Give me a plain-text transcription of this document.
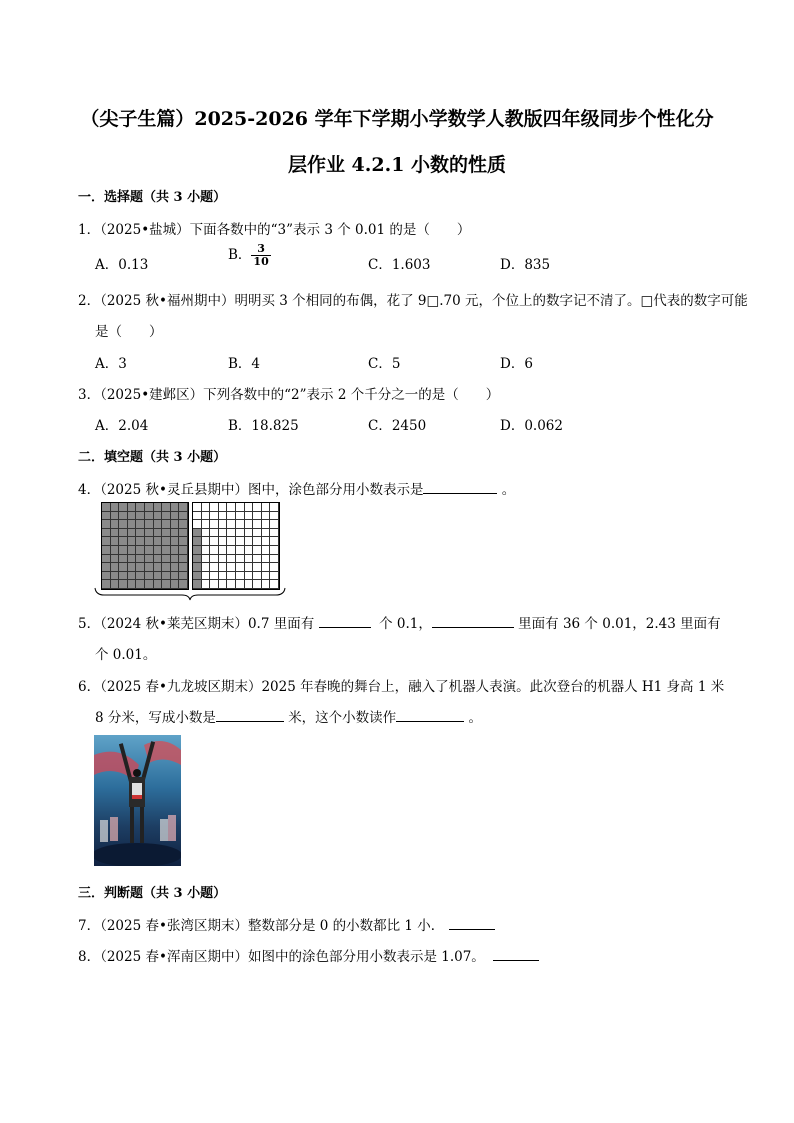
（尖子生篇）2025-2026 学年下学期小学数学人教版四年级同步个性化分
层作业 4.2.1 小数的性质
一．选择题（共 3 小题）
1．（2025•盐城）下面各数中的“3”表示 3 个 0.01 的是（　　）
A．0.13
B． $\frac{3}{10}$	C．1.603	D．835
2．（2025 秋•福州期中）明明买 3 个相同的布偶，花了 9□.70 元，个位上的数字记不清了。□代表的数字可能
是（　　）
A．3	B．4	C．5	D．6
3．（2025•建邺区）下列各数中的“2”表示 2 个千分之一的是（　　）
A．2.04	B．18.825	C．2450	D．0.062
二．填空题（共 3 小题）
4．（2025 秋•灵丘县期中）图中，涂色部分用小数表示是	。
5．（2024 秋•莱芜区期末）0.7 里面有	个 0.1，	里面有 36 个 0.01，2.43 里面有
个 0.01。
6．（2025 春•九龙坡区期末）2025 年春晚的舞台上，融入了机器人表演。此次登台的机器人 H1 身高 1 米
8 分米，写成小数是	米，这个小数读作	。
三．判断题（共 3 小题）
7．（2025 春•张湾区期末）整数部分是 0 的小数都比 1 小．
8．（2025 春•浑南区期中）如图中的涂色部分用小数表示是 1.07。
